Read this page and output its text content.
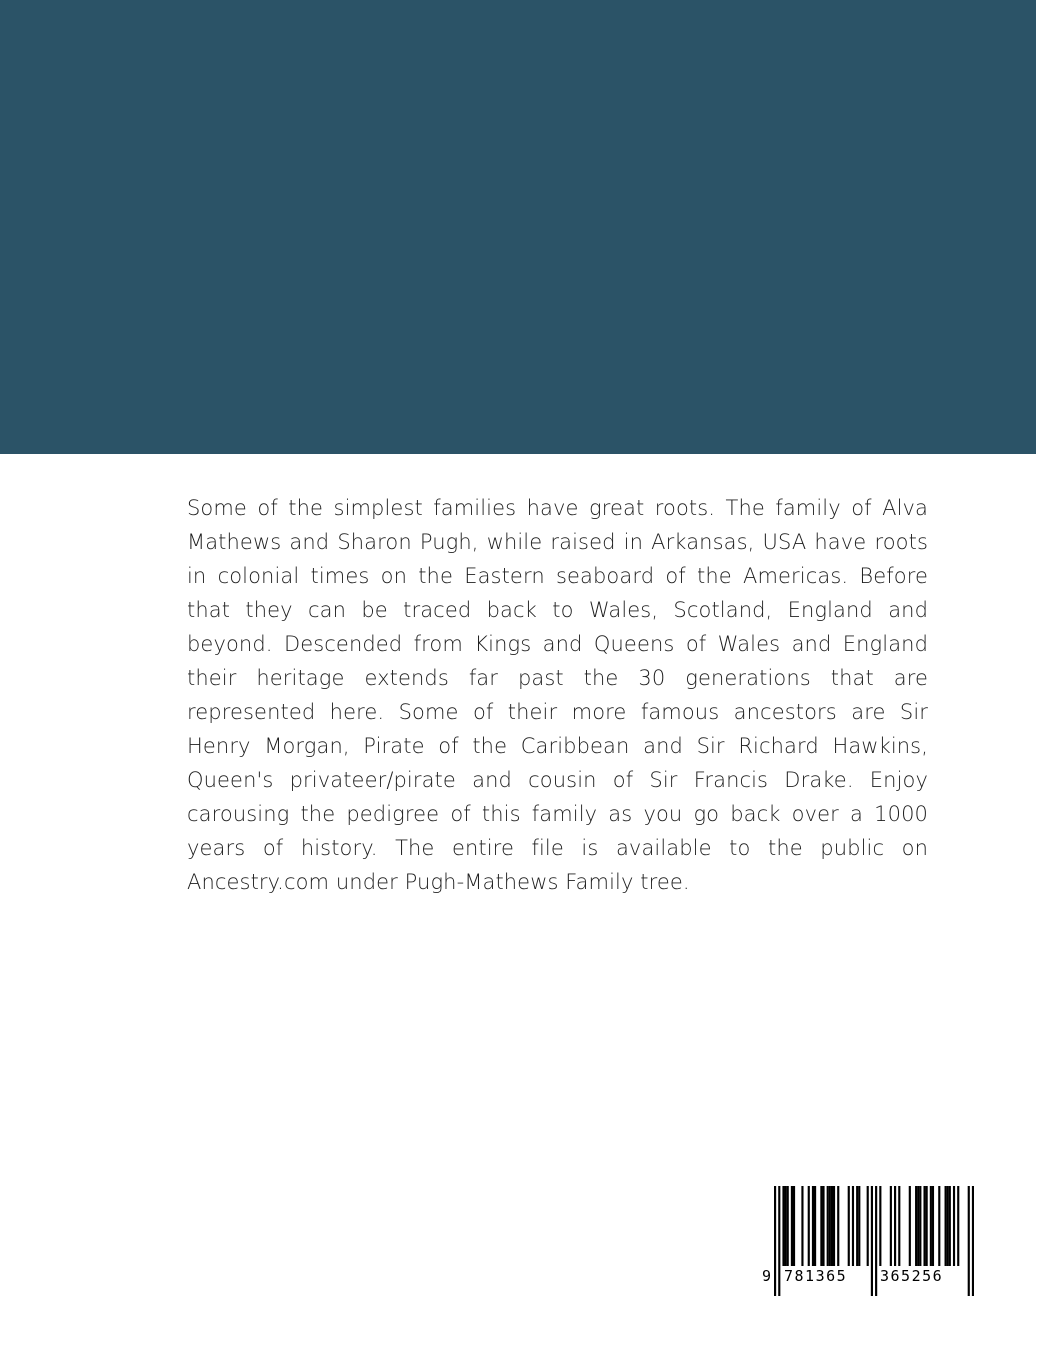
Some of the simplest families have great roots. The family of Alva Mathews and Sharon Pugh, while raised in Arkansas, USA have roots in colonial times on the Eastern seaboard of the Americas. Before that they can be traced back to Wales, Scotland, England and beyond. Descended from Kings and Queens of Wales and England their heritage extends far past the 30 generations that are represented here. Some of their more famous ancestors are Sir Henry Morgan, Pirate of the Caribbean and Sir Richard Hawkins, Queen's privateer/pirate and cousin of Sir Francis Drake. Enjoy carousing the pedigree of this family as you go back over a 1000 years of history. The entire file is available to the public on Ancestry.com under Pugh-Mathews Family tree.

9 781365 365256
